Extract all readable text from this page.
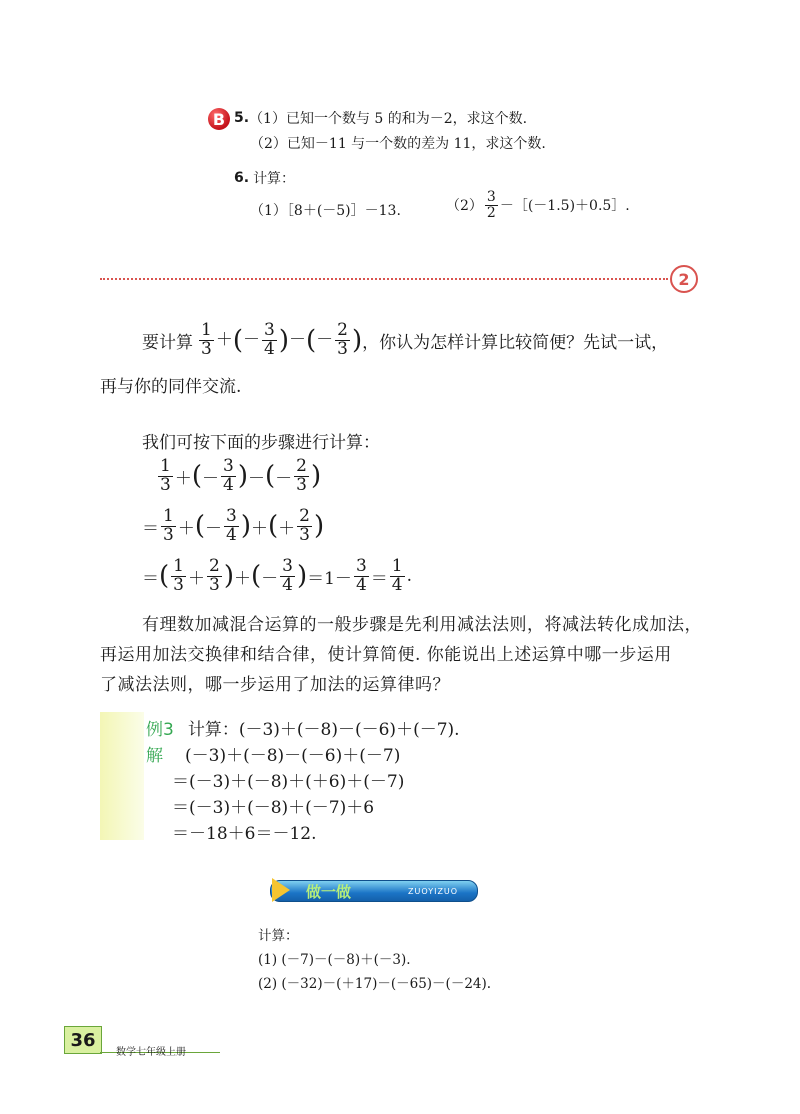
B 5. （1）已知一个数与 5 的和为－2，求这个数.
（2）已知－11 与一个数的差为 11，求这个数.
6. 计算：
（1）［8＋(－5)］－13.	$(2) \frac{3}{2}$ －［(－1.5)＋0.5］.
2
要计算 $\frac{1}{3}$ ＋(－ $\frac{3}{4}$ )－(－ $\frac{2}{3}$ ) ，你认为怎样计算比较简便？先试一试，
再与你的同伴交流.
我们可按下面的步骤进行计算：
$\frac{1}{3}$ ＋ ( － $\frac{3}{4}$ ) － ( － $\frac{2}{3}$ )
＝ $\frac{1}{3}$ ＋ ( － $\frac{3}{4}$ ) ＋ ( ＋ $\frac{2}{3}$ )
＝ ( $\frac{1}{3} + \frac{2}{3}$ ) ＋ ( － $\frac{3}{4}$ ) $=1- \frac{3}{4} = \frac{1}{4}$ .
有理数加减混合运算的一般步骤是先利用减法法则，将减法转化成加法，
再运用加法交换律和结合律，使计算简便. 你能说出上述运算中哪一步运用
了减法法则，哪一步运用了加法的运算律吗？
例3 计算：(－3)＋(－8)－(－6)＋(－7).
解 (－3)＋(－8)－(－6)＋(－7)
＝(－3)＋(－8)＋(＋6)＋(－7)
＝(－3)＋(－8)＋(－7)＋6
＝－18＋6＝－12.
做一做	ZUOYIZUO
计算：
(1) (－7)－(－8)＋(－3).
(2) (－32)－(＋17)－(－65)－(－24).
36
数学七年级上册
